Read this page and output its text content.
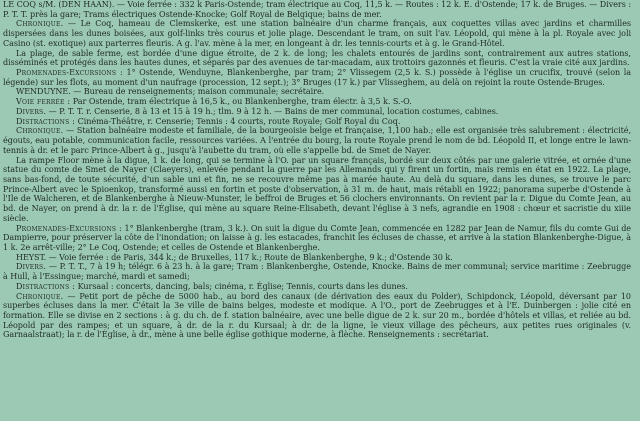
LE COQ s/M. (DEN HAAN). — Voie ferrée : 332 k Paris-Ostende; tram électrique au Coq, 11,5 k. — Routes : 12 k. E. d'Ostende; 17 k. de Bruges. — Divers : P. T. T. près la gare; Trams électriques Ostende-Knocke; Golf Royal de Belgique; bains de mer.

Chronique. — Le Coq, hameau de Clemskerke, est une station balnéaire d'un charme français, aux coquettes villas avec jardins et charmilles dispersées dans les dunes boisées, aux golf-links très courus et jolie plage. Descendant le tram, on suit l'av. Léopold, qui mène à la pl. Royale avec joli Casino (st. exotique) aux parterres fleuris. A g. l'av. mène à la mer, en longeant à dr. les tennis-courts et à g. le Grand-Hôtel.

La plage, de sable ferme, est bordée d'une digue étroite, de 2 k. de long; les chalets entourés de jardins sont, contrairement aux autres stations, disséminés et protégés dans les hautes dunes, et séparés par des avenues de tar-macadam, aux trottoirs gazonnés et fleuris. C'est la vraie cité aux jardins.

Promenades-Excursions : 1° Ostende, Wenduyne, Blankenberghe, par tram; 2° Vlissegem (2,5 k. S.) possède à l'église un crucifix, trouvé (selon la légende) sur les flots, au moment d'un naufrage (procession, 12 sept.); 3° Bruges (17 k.) par Vlisseghem, au delà on rejoint la route Ostende-Bruges.

WENDUYNE. — Bureau de renseignements; maison communale; secrétaire.

Voie ferrée : Par Ostende, tram électrique à 16,5 k., ou Blankenberghe, tram électr. à 3,5 k. S.-O.

Divers. — P. T. T. r. Censerie, 8 à 13 et 15 à 19 h.; tlm. 9 à 12 h. — Bains de mer communal, location costumes, cabines.

Distractions : Cinéma-Théâtre, r. Censerie; Tennis : 4 courts, route Royale; Golf Royal du Coq.

Chronique. — Station balnéaire modeste et familiale, de la bourgeoisie belge et française, 1,100 hab.; elle est organisée très salubrement : électricité, égouts, eau potable, communication facile, ressources variées. A l'entrée du bourg, la route Royale prend le nom de bd. Léopold II, et longe entre le lawn-tennis à dr. et le parc Prince-Albert à g., jusqu'à l'aubette du tram, où elle s'appelle bd. de Smet de Nayer.

La rampe Floor mène à la digue, 1 k. de long, qui se termine à l'O. par un square français, bordé sur deux côtés par une galerie vitrée, et ornée d'une statue du comte de Smet de Nayer (Claeyers), enlevée pendant la guerre par les Allemands qui y firent un fortin, mais remis en état en 1922. La plage, sans bas-fond, de toute sécurité, d'un sable uni et fin, ne se recouvre même pas à marée haute. Au delà du square, dans les dunes, se trouve le parc Prince-Albert avec le Spioenkop, transformé aussi en fortin et poste d'observation, à 31 m. de haut, mais rétabli en 1922; panorama superbe d'Ostende à l'Ile de Walcheren, et de Blankenberghe à Nieuw-Munster, le beffroi de Bruges et 56 clochers environnants. On revient par la r. Digue du Comte Jean, au bd. de Nayer, on prend à dr. la r. de l'Église, qui mène au square Reine-Elisabeth, devant l'église à 3 nefs, agrandie en 1908 : chœur et sacristie du xiiie siècle.

Promenades-Excursions : 1° Blankenberghe (tram, 3 k.). On suit la digue du Comte Jean, commencée en 1282 par Jean de Namur, fils du comte Gui de Dampierre, pour préserver la côte de l'inondation; on laisse à g. les estacades, franchit les écluses de chasse, et arrive à la station Blankenberghe-Digue, à 1 k. 2e arrêt-ville; 2° Le Coq, Ostende; et celles de Ostende et Blankenberghe.

HEYST. — Voie ferrée : de Paris, 344 k.; de Bruxelles, 117 k.; Route de Blankenberghe, 9 k.; d'Ostende 30 k.

Divers. — P. T. T., 7 à 19 h; télégr. 6 à 23 h. à la gare; Tram : Blankenberghe, Ostende, Knocke. Bains de mer communal; service maritime : Zeebrugge à Hull, à l'Essingue; marché, mardi et samedi;

Distractions : Kursaal : concerts, dancing, bals; cinéma, r. Église; Tennis, courts dans les dunes.

Chronique. — Petit port de pêche de 5000 hab., au bord des canaux (de dérivation des eaux du Polder), Schipdonck, Léopold, déversant par 10 superbes écluses dans la mer. C'était la 3e ville de bains belges, modeste et modique. A l'O., port de Zeebrugges et à l'E. Duinbergen : jolie cité en formation. Elle se divise en 2 sections : à g. du ch. de f. station balnéaire, avec une belle digue de 2 k. sur 20 m., bordée d'hôtels et villas, et reliée au bd. Léopold par des rampes; et un square, à dr. de la r. du Kursaal; à dr. de la ligne, le vieux village des pêcheurs, aux petites rues originales (v. Garnaalstraat); la r. de l'Église, à dr., mène à une belle église gothique moderne, à flèche. Renseignements : secrétariat.
